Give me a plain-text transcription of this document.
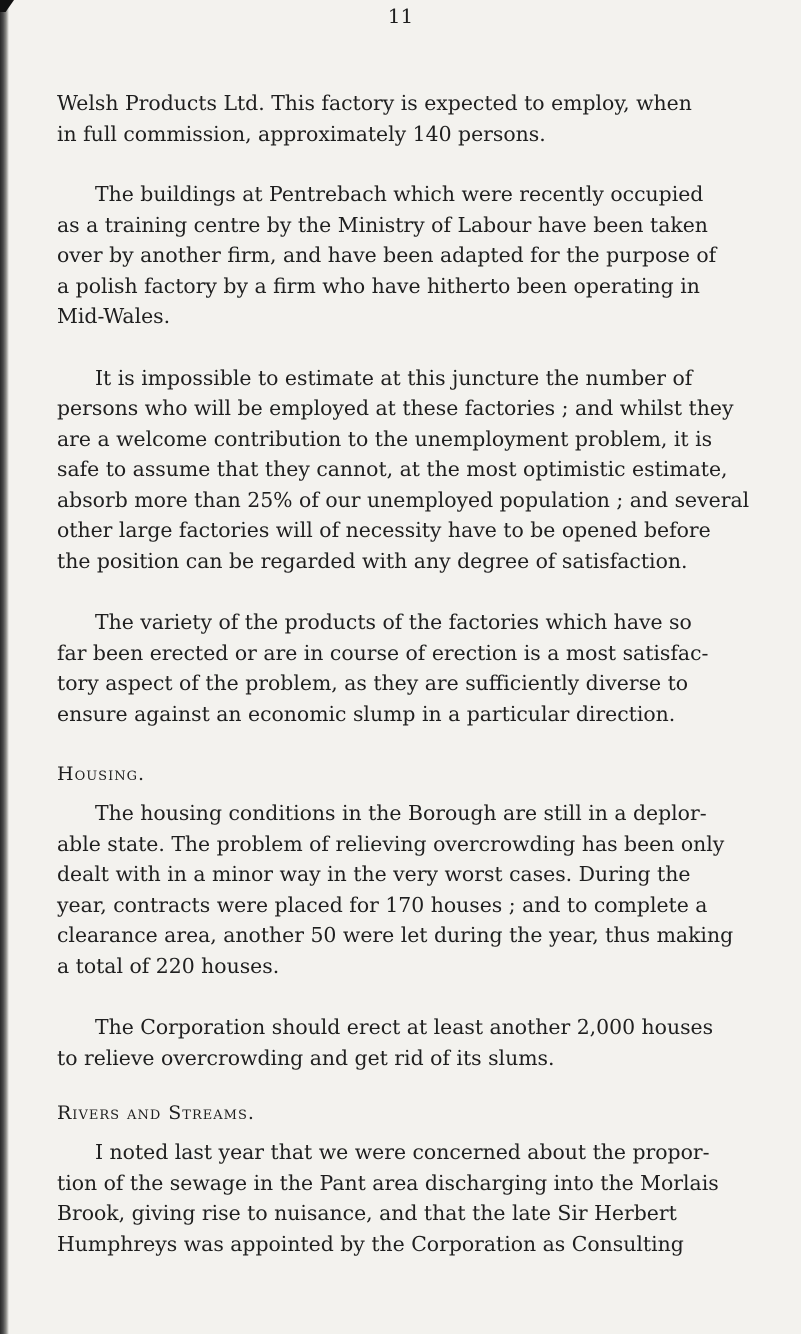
11

Welsh Products Ltd. This factory is expected to employ, when
in full commission, approximately 140 persons.

The buildings at Pentrebach which were recently occupied
as a training centre by the Ministry of Labour have been taken
over by another firm, and have been adapted for the purpose of
a polish factory by a firm who have hitherto been operating in
Mid-Wales.

It is impossible to estimate at this juncture the number of
persons who will be employed at these factories ; and whilst they
are a welcome contribution to the unemployment problem, it is
safe to assume that they cannot, at the most optimistic estimate,
absorb more than 25% of our unemployed population ; and several
other large factories will of necessity have to be opened before
the position can be regarded with any degree of satisfaction.

The variety of the products of the factories which have so
far been erected or are in course of erection is a most satisfac-
tory aspect of the problem, as they are sufficiently diverse to
ensure against an economic slump in a particular direction.

Housing.

The housing conditions in the Borough are still in a deplor-
able state. The problem of relieving overcrowding has been only
dealt with in a minor way in the very worst cases. During the
year, contracts were placed for 170 houses ; and to complete a
clearance area, another 50 were let during the year, thus making
a total of 220 houses.

The Corporation should erect at least another 2,000 houses
to relieve overcrowding and get rid of its slums.

Rivers and Streams.

I noted last year that we were concerned about the propor-
tion of the sewage in the Pant area discharging into the Morlais
Brook, giving rise to nuisance, and that the late Sir Herbert
Humphreys was appointed by the Corporation as Consulting
